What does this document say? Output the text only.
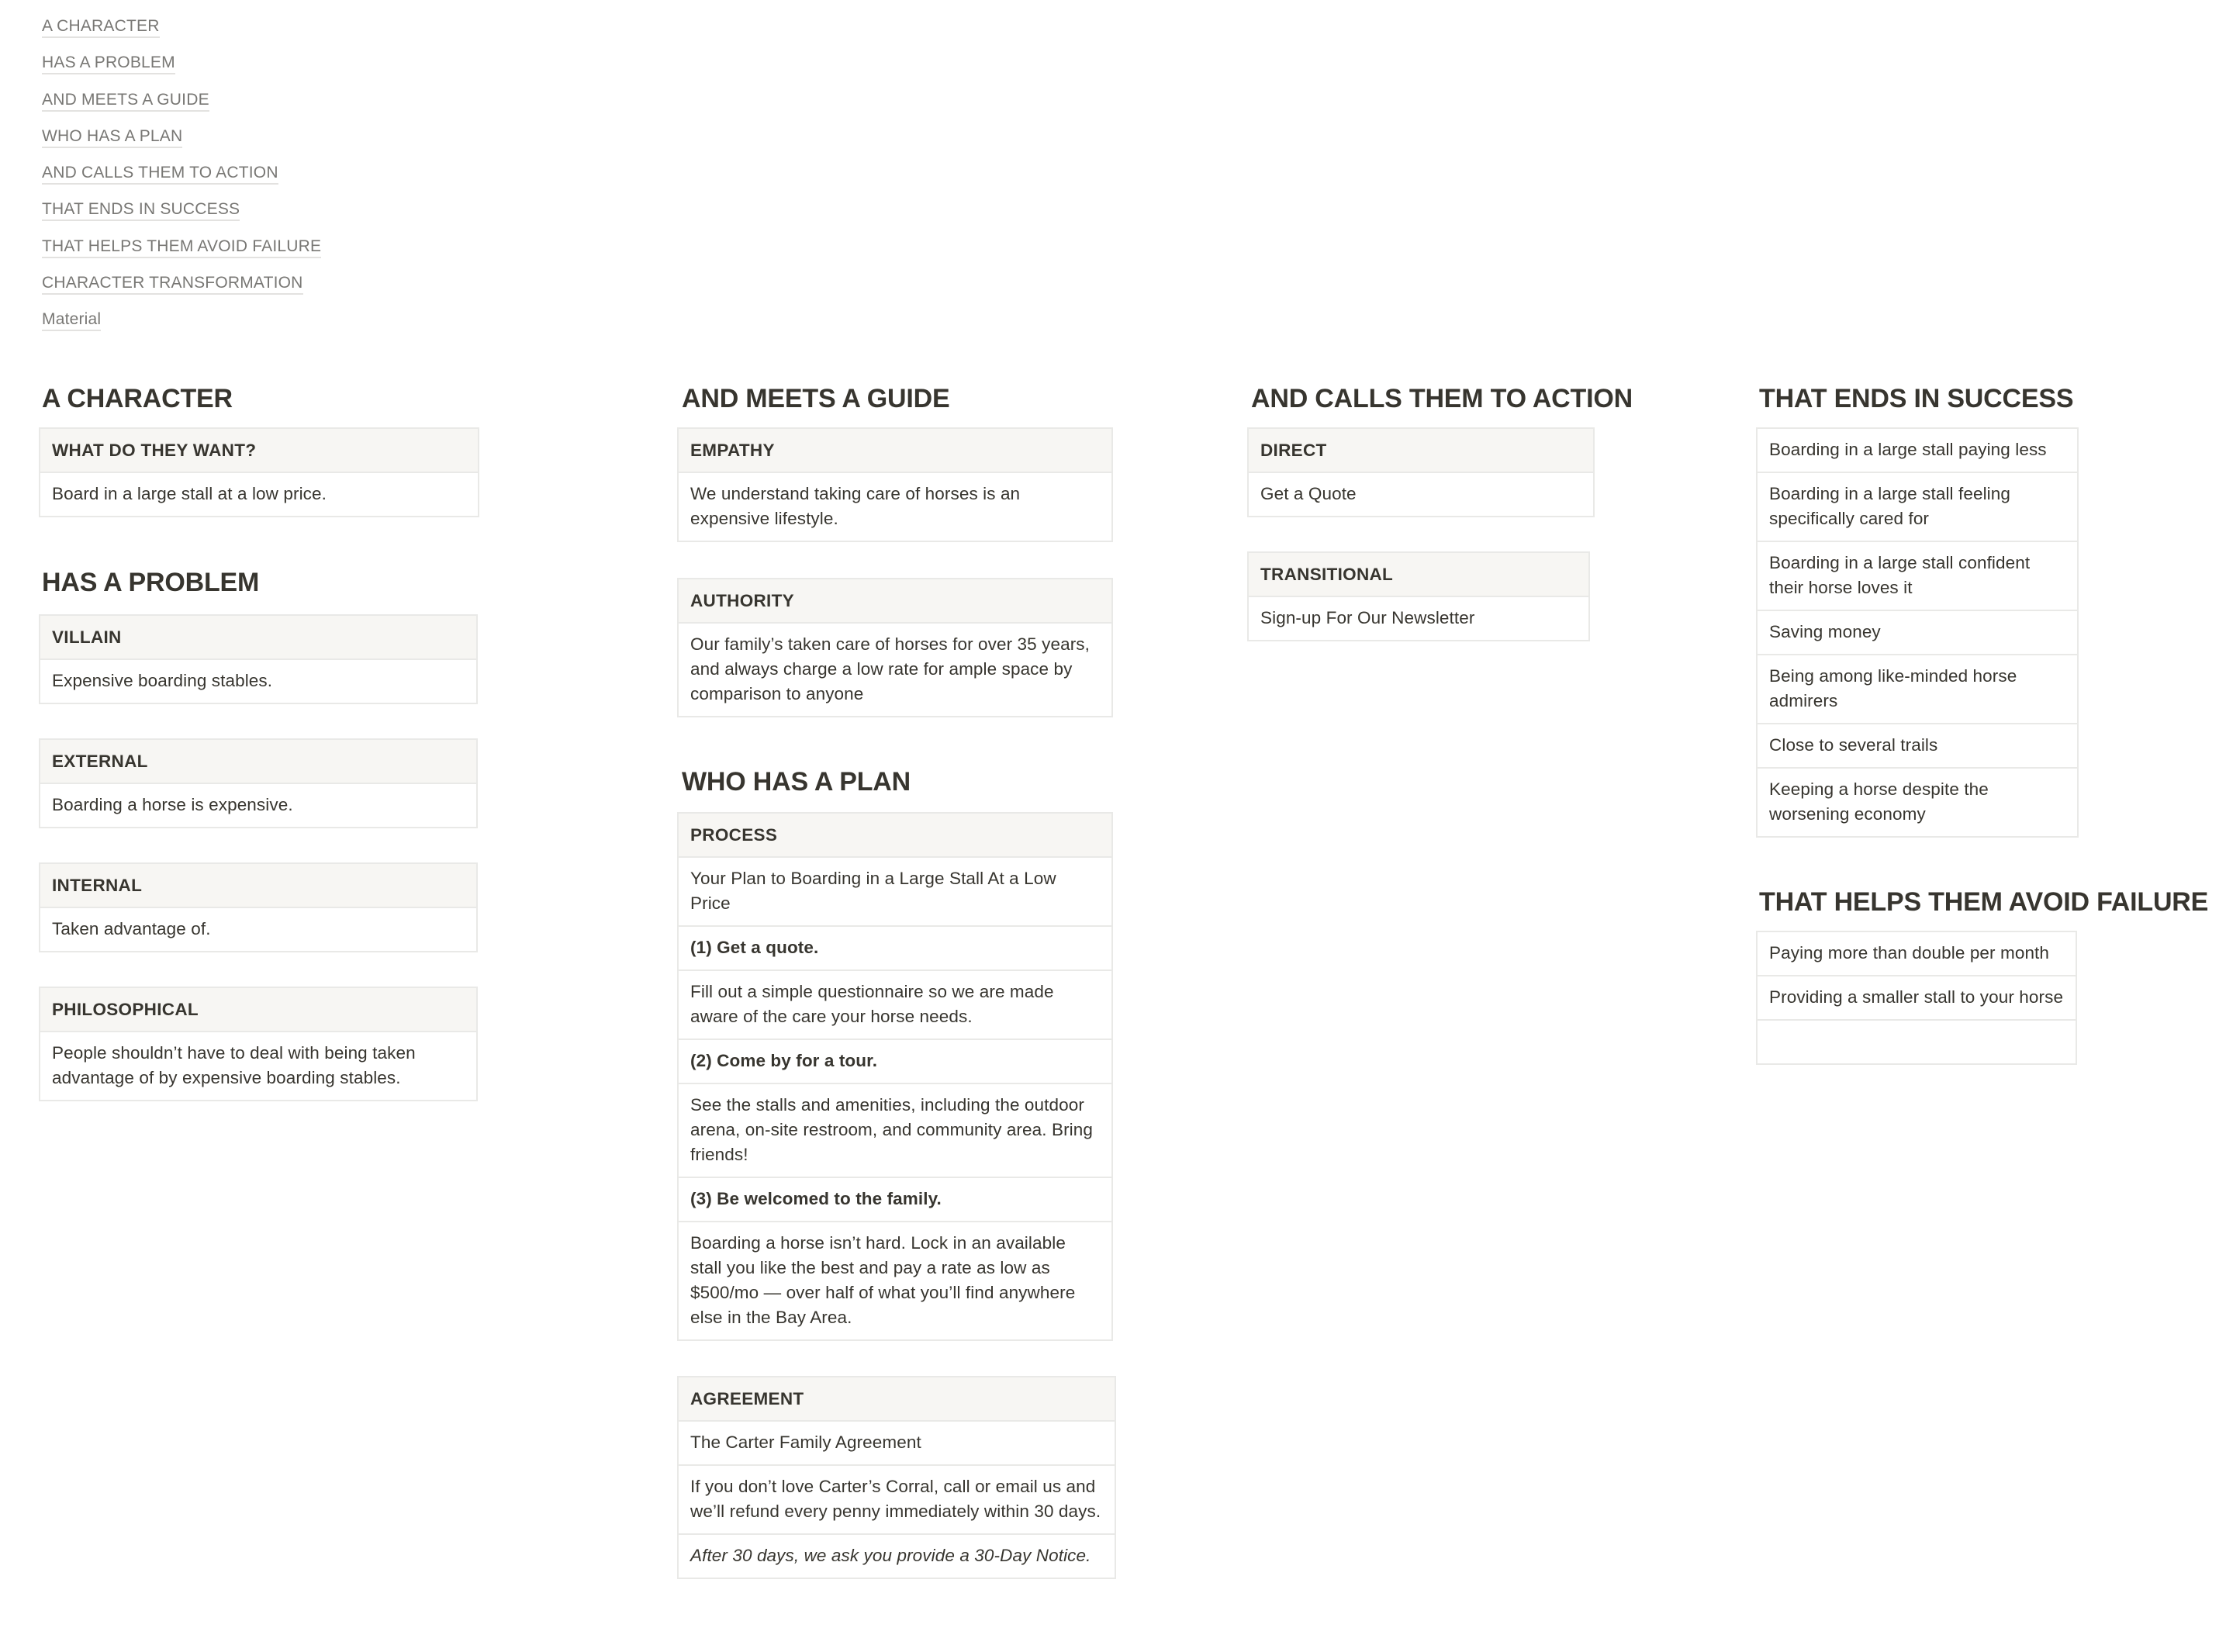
A CHARACTER
HAS A PROBLEM
AND MEETS A GUIDE
WHO HAS A PLAN
AND CALLS THEM TO ACTION
THAT ENDS IN SUCCESS
THAT HELPS THEM AVOID FAILURE
CHARACTER TRANSFORMATION
Material
A CHARACTER
WHAT DO THEY WANT?
Board in a large stall at a low price.
HAS A PROBLEM
VILLAIN
Expensive boarding stables.
EXTERNAL
Boarding a horse is expensive.
INTERNAL
Taken advantage of.
PHILOSOPHICAL
People shouldn’t have to deal with being taken advantage of by expensive boarding stables.
AND MEETS A GUIDE
EMPATHY
We understand taking care of horses is an expensive lifestyle.
AUTHORITY
Our family’s taken care of horses for over 35 years, and always charge a low rate for ample space by comparison to anyone
WHO HAS A PLAN
PROCESS
Your Plan to Boarding in a Large Stall At a Low Price
(1) Get a quote.
Fill out a simple questionnaire so we are made aware of the care your horse needs.
(2) Come by for a tour.
See the stalls and amenities, including the outdoor arena, on-site restroom, and community area. Bring friends!
(3) Be welcomed to the family.
Boarding a horse isn’t hard. Lock in an available stall you like the best and pay a rate as low as $500/mo — over half of what you’ll find anywhere else in the Bay Area.
AGREEMENT
The Carter Family Agreement
If you don’t love Carter’s Corral, call or email us and we’ll refund every penny immediately within 30 days.
After 30 days, we ask you provide a 30-Day Notice.
AND CALLS THEM TO ACTION
DIRECT
Get a Quote
TRANSITIONAL
Sign-up For Our Newsletter
THAT ENDS IN SUCCESS
Boarding in a large stall paying less
Boarding in a large stall feeling specifically cared for
Boarding in a large stall confident their horse loves it
Saving money
Being among like-minded horse admirers
Close to several trails
Keeping a horse despite the worsening economy
THAT HELPS THEM AVOID FAILURE
Paying more than double per month
Providing a smaller stall to your horse
